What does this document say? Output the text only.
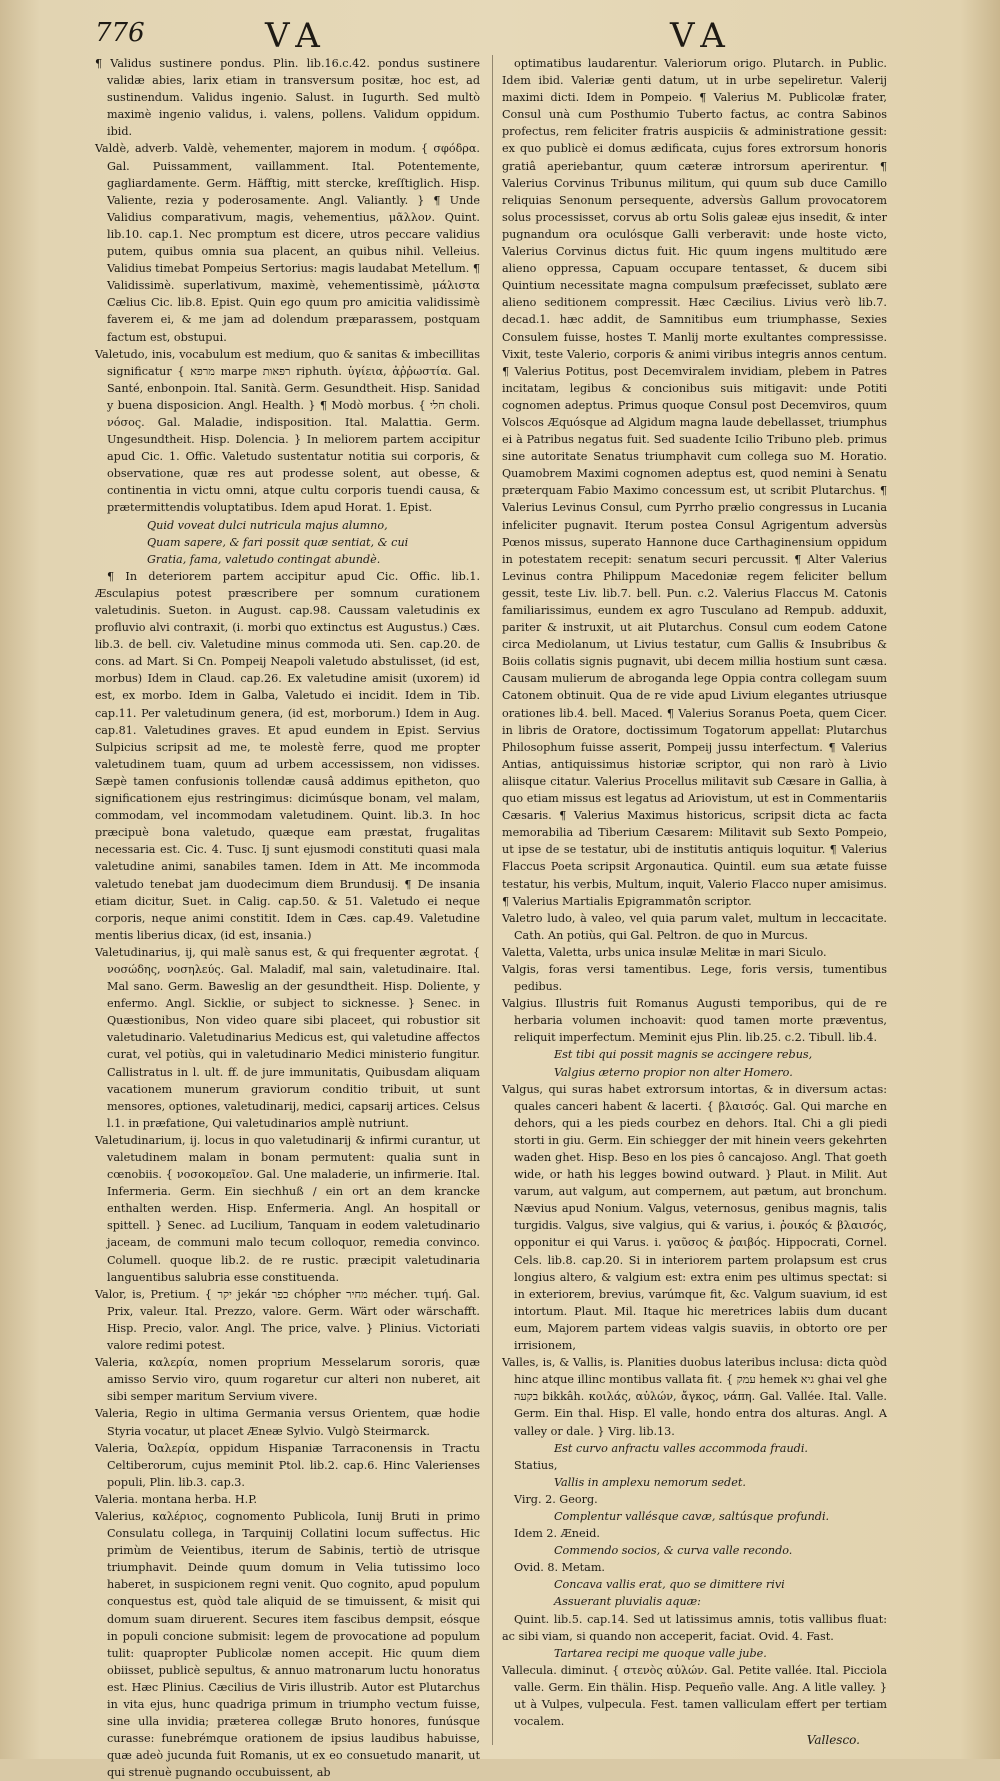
776	VA	VA

¶ Validus sustinere pondus. Plin. lib.16.c.42. pondus sustinere validæ abies, larix etiam in transversum positæ, hoc est, ad sustinendum. Validus ingenio. Salust. in Iugurth. Sed multò maximè ingenio validus, i. valens, pollens. Validum oppidum. ibid.

Valdè, adverb. Valdè, vehementer, majorem in modum. { σφόδρα. Gal. Puissamment, vaillamment. Ital. Potentemente, gagliardamente. Germ. Häfftig, mitt stercke, kreſſtiglich. Hisp. Valiente, rezia y poderosamente. Angl. Valiantly. } ¶ Unde Validius comparativum, magis, vehementius, μᾶλλον. Quint. lib.10. cap.1. Nec promptum est dicere, utros peccare validius putem, quibus omnia sua placent, an quibus nihil. Velleius. Validius timebat Pompeius Sertorius: magis laudabat Metellum. ¶ Validissimè. superlativum, maximè, vehementissimè, μάλιστα Cælius Cic. lib.8. Epist. Quin ego quum pro amicitia validissimè faverem ei, & me jam ad dolendum præparassem, postquam factum est, obstupui.

Valetudo, inis, vocabulum est medium, quo & sanitas & imbecillitas significatur { מרפא marpe רפאות riphuth. ὑγίεια, ἀῤῥωστία. Gal. Santé, enbonpoin. Ital. Sanità. Germ. Gesundtheit. Hisp. Sanidad y buena disposicion. Angl. Health. } ¶ Modò morbus. { חלי choli. νόσος. Gal. Maladie, indisposition. Ital. Malattia. Germ. Ungesundtheit. Hisp. Dolencia. } In meliorem partem accipitur apud Cic. 1. Offic. Valetudo sustentatur notitia sui corporis, & observatione, quæ res aut prodesse solent, aut obesse, & continentia in victu omni, atque cultu corporis tuendi causa, & prætermittendis voluptatibus. Idem apud Horat. 1. Epist.

Quid voveat dulci nutricula majus alumno,

Quam sapere, & fari possit quæ sentiat, & cui

Gratia, fama, valetudo contingat abundè.

¶ In deteriorem partem accipitur apud Cic. Offic. lib.1. Æsculapius potest præscribere per somnum curationem valetudinis. Sueton. in August. cap.98. Caussam valetudinis ex profluvio alvi contraxit, (i. morbi quo extinctus est Augustus.) Cæs. lib.3. de bell. civ. Valetudine minus commoda uti. Sen. cap.20. de cons. ad Mart. Si Cn. Pompeij Neapoli valetudo abstulisset, (id est, morbus) Idem in Claud. cap.26. Ex valetudine amisit (uxorem) id est, ex morbo. Idem in Galba, Valetudo ei incidit. Idem in Tib. cap.11. Per valetudinum genera, (id est, morborum.) Idem in Aug. cap.81. Valetudines graves. Et apud eundem in Epist. Servius Sulpicius scripsit ad me, te molestè ferre, quod me propter valetudinem tuam, quum ad urbem accessissem, non vidisses. Sæpè tamen confusionis tollendæ causâ addimus epitheton, quo significationem ejus restringimus: dicimúsque bonam, vel malam, commodam, vel incommodam valetudinem. Quint. lib.3. In hoc præcipuè bona valetudo, quæque eam præstat, frugalitas necessaria est. Cic. 4. Tusc. Ij sunt ejusmodi constituti quasi mala valetudine animi, sanabiles tamen. Idem in Att. Me incommoda valetudo tenebat jam duodecimum diem Brundusij. ¶ De insania etiam dicitur, Suet. in Calig. cap.50. & 51. Valetudo ei neque corporis, neque animi constitit. Idem in Cæs. cap.49. Valetudine mentis liberius dicax, (id est, insania.)

Valetudinarius, ij, qui malè sanus est, & qui frequenter ægrotat. { νοσώδης, νοσηλεύς. Gal. Maladif, mal sain, valetudinaire. Ital. Mal sano. Germ. Baweslig an der gesundtheit. Hisp. Doliente, y enfermo. Angl. Sicklie, or subject to sicknesse. } Senec. in Quæstionibus, Non video quare sibi placeet, qui robustior sit valetudinario. Valetudinarius Medicus est, qui valetudine affectos curat, vel potiùs, qui in valetudinario Medici ministerio fungitur. Callistratus in l. ult. ff. de jure immunitatis, Quibusdam aliquam vacationem munerum graviorum conditio tribuit, ut sunt mensores, optiones, valetudinarij, medici, capsarij artices. Celsus l.1. in præfatione, Qui valetudinarios amplè nutriunt.

Valetudinarium, ij. locus in quo valetudinarij & infirmi curantur, ut valetudinem malam in bonam permutent: qualia sunt in cœnobiis. { νοσοκομεῖον. Gal. Une maladerie, un infirmerie. Ital. Infermeria. Germ. Ein siechhuß / ein ort an dem krancke enthalten werden. Hisp. Enfermeria. Angl. An hospitall or spittell. } Senec. ad Lucilium, Tanquam in eodem valetudinario jaceam, de communi malo tecum colloquor, remedia convinco. Columell. quoque lib.2. de re rustic. præcipit valetudinaria languentibus salubria esse constituenda.

Valor, is, Pretium. { יקר jekár כפר chópher מחיר mécher. τιμή. Gal. Prix, valeur. Ital. Prezzo, valore. Germ. Wärt oder wärschafft. Hisp. Precio, valor. Angl. The price, valve. } Plinius. Victoriati valore redimi potest.

Valeria, καλερία, nomen proprium Messelarum sororis, quæ amisso Servio viro, quum rogaretur cur alteri non nuberet, ait sibi semper maritum Servium vivere.

Valeria, Regio in ultima Germania versus Orientem, quæ hodie Styria vocatur, ut placet Æneæ Sylvio. Vulgò Steirmarck.

Valeria, Ὀαλερία, oppidum Hispaniæ Tarraconensis in Tractu Celtiberorum, cujus meminit Ptol. lib.2. cap.6. Hinc Valerienses populi, Plin. lib.3. cap.3.

Valeria. montana herba. H.P.

Valerius, καλέριος, cognomento Publicola, Iunij Bruti in primo Consulatu collega, in Tarquinij Collatini locum suffectus. Hic primùm de Veientibus, iterum de Sabinis, tertiò de utrisque triumphavit. Deinde quum domum in Velia tutissimo loco haberet, in suspicionem regni venit. Quo cognito, apud populum conquestus est, quòd tale aliquid de se timuissent, & misit qui domum suam diruerent. Secures item fascibus dempsit, eósque in populi concione submisit: legem de provocatione ad populum tulit: quapropter Publicolæ nomen accepit. Hic quum diem obiisset, publicè sepultus, & annuo matronarum luctu honoratus est. Hæc Plinius. Cæcilius de Viris illustrib. Autor est Plutarchus in vita ejus, hunc quadriga primum in triumpho vectum fuisse, sine ulla invidia; præterea collegæ Bruto honores, funúsque curasse: funebrémque orationem de ipsius laudibus habuisse, quæ adeò jucunda fuit Romanis, ut ex eo consuetudo manarit, ut qui strenuè pugnando occubuissent, ab

optimatibus laudarentur. Valeriorum origo. Plutarch. in Public. Idem ibid. Valeriæ genti datum, ut in urbe sepeliretur. Valerij maximi dicti. Idem in Pompeio. ¶ Valerius M. Publicolæ frater, Consul unà cum Posthumio Tuberto factus, ac contra Sabinos profectus, rem feliciter fratris auspiciis & administratione gessit: ex quo publicè ei domus ædificata, cujus fores extrorsum honoris gratiâ aperiebantur, quum cæteræ introrsum aperirentur. ¶ Valerius Corvinus Tribunus militum, qui quum sub duce Camillo reliquias Senonum persequente, adversùs Gallum provocatorem solus processisset, corvus ab ortu Solis galeæ ejus insedit, & inter pugnandum ora oculósque Galli verberavit: unde hoste victo, Valerius Corvinus dictus fuit. Hic quum ingens multitudo ære alieno oppressa, Capuam occupare tentasset, & ducem sibi Quintium necessitate magna compulsum præfecisset, sublato ære alieno seditionem compressit. Hæc Cæcilius. Livius verò lib.7. decad.1. hæc addit, de Samnitibus eum triumphasse, Sexies Consulem fuisse, hostes T. Manlij morte exultantes compressisse. Vixit, teste Valerio, corporis & animi viribus integris annos centum. ¶ Valerius Potitus, post Decemviralem invidiam, plebem in Patres incitatam, legibus & concionibus suis mitigavit: unde Potiti cognomen adeptus. Primus quoque Consul post Decemviros, quum Volscos Æquósque ad Algidum magna laude debellasset, triumphus ei à Patribus negatus fuit. Sed suadente Icilio Tribuno pleb. primus sine autoritate Senatus triumphavit cum collega suo M. Horatio. Quamobrem Maximi cognomen adeptus est, quod nemini à Senatu præterquam Fabio Maximo concessum est, ut scribit Plutarchus. ¶ Valerius Levinus Consul, cum Pyrrho prælio congressus in Lucania infeliciter pugnavit. Iterum postea Consul Agrigentum adversùs Pœnos missus, superato Hannone duce Carthaginensium oppidum in potestatem recepit: senatum securi percussit. ¶ Alter Valerius Levinus contra Philippum Macedoniæ regem feliciter bellum gessit, teste Liv. lib.7. bell. Pun. c.2. Valerius Flaccus M. Catonis familiarissimus, eundem ex agro Tusculano ad Rempub. adduxit, pariter & instruxit, ut ait Plutarchus. Consul cum eodem Catone circa Mediolanum, ut Livius testatur, cum Gallis & Insubribus & Boiis collatis signis pugnavit, ubi decem millia hostium sunt cæsa. Causam mulierum de abroganda lege Oppia contra collegam suum Catonem obtinuit. Qua de re vide apud Livium elegantes utriusque orationes lib.4. bell. Maced. ¶ Valerius Soranus Poeta, quem Cicer. in libris de Oratore, doctissimum Togatorum appellat: Plutarchus Philosophum fuisse asserit, Pompeij jussu interfectum. ¶ Valerius Antias, antiquissimus historiæ scriptor, qui non rarò à Livio aliisque citatur. Valerius Procellus militavit sub Cæsare in Gallia, à quo etiam missus est legatus ad Ariovistum, ut est in Commentariis Cæsaris. ¶ Valerius Maximus historicus, scripsit dicta ac facta memorabilia ad Tiberium Cæsarem: Militavit sub Sexto Pompeio, ut ipse de se testatur, ubi de institutis antiquis loquitur. ¶ Valerius Flaccus Poeta scripsit Argonautica. Quintil. eum sua ætate fuisse testatur, his verbis, Multum, inquit, Valerio Flacco nuper amisimus. ¶ Valerius Martialis Epigrammatôn scriptor.

Valetro ludo, à valeo, vel quia parum valet, multum in leccacitate. Cath. An potiùs, qui Gal. Peltron. de quo in Murcus.

Valetta, Valetta, urbs unica insulæ Melitæ in mari Siculo.

Valgis, foras versi tamentibus. Lege, foris versis, tumentibus pedibus.

Valgius. Illustris fuit Romanus Augusti temporibus, qui de re herbaria volumen inchoavit: quod tamen morte præventus, reliquit imperfectum. Meminit ejus Plin. lib.25. c.2. Tibull. lib.4.

Est tibi qui possit magnis se accingere rebus,

Valgius æterno propior non alter Homero.

Valgus, qui suras habet extrorsum intortas, & in diversum actas: quales canceri habent & lacerti. { βλαισός. Gal. Qui marche en dehors, qui a les pieds courbez en dehors. Ital. Chi a gli piedi storti in giu. Germ. Ein schiegger der mit hinein veers gekehrten waden ghet. Hisp. Beso en los pies ô cancajoso. Angl. That goeth wide, or hath his legges bowind outward. } Plaut. in Milit. Aut varum, aut valgum, aut compernem, aut pætum, aut bronchum. Nævius apud Nonium. Valgus, veternosus, genibus magnis, talis turgidis. Valgus, sive valgius, qui & varius, i. ῥοικός & βλαισός, opponitur ei qui Varus. i. γαῦσος & ῥαιβός. Hippocrati, Cornel. Cels. lib.8. cap.20. Si in interiorem partem prolapsum est crus longius altero, & valgium est: extra enim pes ultimus spectat: si in exteriorem, brevius, varúmque fit, &c. Valgum suavium, id est intortum. Plaut. Mil. Itaque hic meretrices labiis dum ducant eum, Majorem partem videas valgis suaviis, in obtorto ore per irrisionem,

Valles, is, & Vallis, is. Planities duobus lateribus inclusa: dicta quòd hinc atque illinc montibus vallata fit. { עמק hemek גיא ghai vel ghe בקעה bikkâh. κοιλάς, αὐλών, ἄγκος, νάπη. Gal. Vallée. Ital. Valle. Germ. Ein thal. Hisp. El valle, hondo entra dos alturas. Angl. A valley or dale. } Virg. lib.13.

Est curvo anfractu valles accommoda fraudi.

Statius,

Vallis in amplexu nemorum sedet.

Virg. 2. Georg.

Complentur vallésque cavæ, saltúsque profundi.

Idem 2. Æneid.

Commendo socios, & curva valle recondo.

Ovid. 8. Metam.

Concava vallis erat, quo se dimittere rivi

Assuerant pluvialis aquæ:

Quint. lib.5. cap.14. Sed ut latissimus amnis, totis vallibus fluat: ac sibi viam, si quando non acceperit, faciat. Ovid. 4. Fast.

Tartarea recipi me quoque valle jube.

Vallecula. diminut. { στενὸς αὐλών. Gal. Petite vallée. Ital. Picciola valle. Germ. Ein thälin. Hisp. Pequeño valle. Ang. A litle valley. } ut à Vulpes, vulpecula. Fest. tamen valliculam effert per tertiam vocalem.

Vallesco.
